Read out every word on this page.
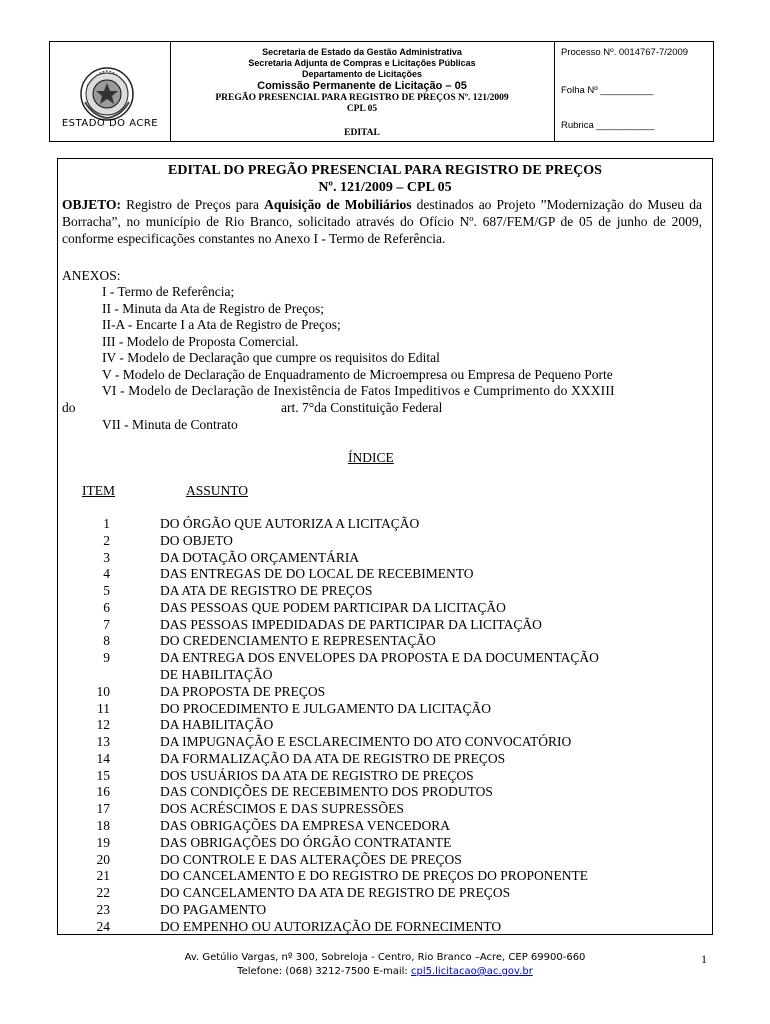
ESTADO DO ACRE
Secretaria de Estado da Gestão Administrativa
Secretaria Adjunta de Compras e Licitações Públicas
Departamento de Licitações
Comissão Permanente de Licitação – 05
PREGÃO PRESENCIAL PARA REGISTRO DE PREÇOS Nº. 121/2009
CPL 05
EDITAL
Processo Nº. 0014767-7/2009
Folha Nº __________
Rubrica ___________
EDITAL DO PREGÃO PRESENCIAL PARA REGISTRO DE PREÇOS
Nº. 121/2009 – CPL 05
OBJETO: Registro de Preços para Aquisição de Mobiliários destinados ao Projeto ”Modernização do Museu da Borracha”, no município de Rio Branco, solicitado através do Ofício Nº. 687/FEM/GP de 05 de junho de 2009, conforme especificações constantes no Anexo I - Termo de Referência.
ANEXOS:
I - Termo de Referência;
II - Minuta da Ata de Registro de Preços;
II-A - Encarte I a Ata de Registro de Preços;
III - Modelo de Proposta Comercial.
IV - Modelo de Declaração que cumpre os requisitos do Edital
V - Modelo de Declaração de Enquadramento de Microempresa ou Empresa de Pequeno Porte
VI - Modelo de Declaração de Inexistência de Fatos Impeditivos e Cumprimento do XXXIII
do	art. 7°da Constituição Federal
VII - Minuta de Contrato
ÍNDICE
ITEM	ASSUNTO
1	DO ÓRGÃO QUE AUTORIZA A LICITAÇÃO
2	DO OBJETO
3	DA DOTAÇÃO ORÇAMENTÁRIA
4	DAS ENTREGAS DE DO LOCAL DE RECEBIMENTO
5	DA ATA DE REGISTRO DE PREÇOS
6	DAS PESSOAS QUE PODEM PARTICIPAR DA LICITAÇÃO
7	DAS PESSOAS IMPEDIDADAS DE PARTICIPAR DA LICITAÇÃO
8	DO CREDENCIAMENTO E REPRESENTAÇÃO
9	DA ENTREGA DOS ENVELOPES DA PROPOSTA E DA DOCUMENTAÇÃO
DE HABILITAÇÃO
10	DA PROPOSTA DE PREÇOS
11	DO PROCEDIMENTO E JULGAMENTO DA LICITAÇÃO
12	DA HABILITAÇÃO
13	DA IMPUGNAÇÃO E ESCLARECIMENTO DO ATO CONVOCATÓRIO
14	DA FORMALIZAÇÃO DA ATA DE REGISTRO DE PREÇOS
15	DOS USUÁRIOS DA ATA DE REGISTRO DE PREÇOS
16	DAS CONDIÇÕES DE RECEBIMENTO DOS PRODUTOS
17	DOS ACRÉSCIMOS E DAS SUPRESSÕES
18	DAS OBRIGAÇÕES DA EMPRESA VENCEDORA
19	DAS OBRIGAÇÕES DO ÓRGÃO CONTRATANTE
20	DO CONTROLE E DAS ALTERAÇÕES DE PREÇOS
21	DO CANCELAMENTO E DO REGISTRO DE PREÇOS DO PROPONENTE
22	DO CANCELAMENTO DA ATA DE REGISTRO DE PREÇOS
23	DO PAGAMENTO
24	DO EMPENHO OU AUTORIZAÇÃO DE FORNECIMENTO
Av. Getúlio Vargas, nº 300, Sobreloja - Centro, Rio Branco –Acre, CEP 69900-660
Telefone: (068) 3212-7500 E-mail: cpl5.licitacao@ac.gov.br
1
